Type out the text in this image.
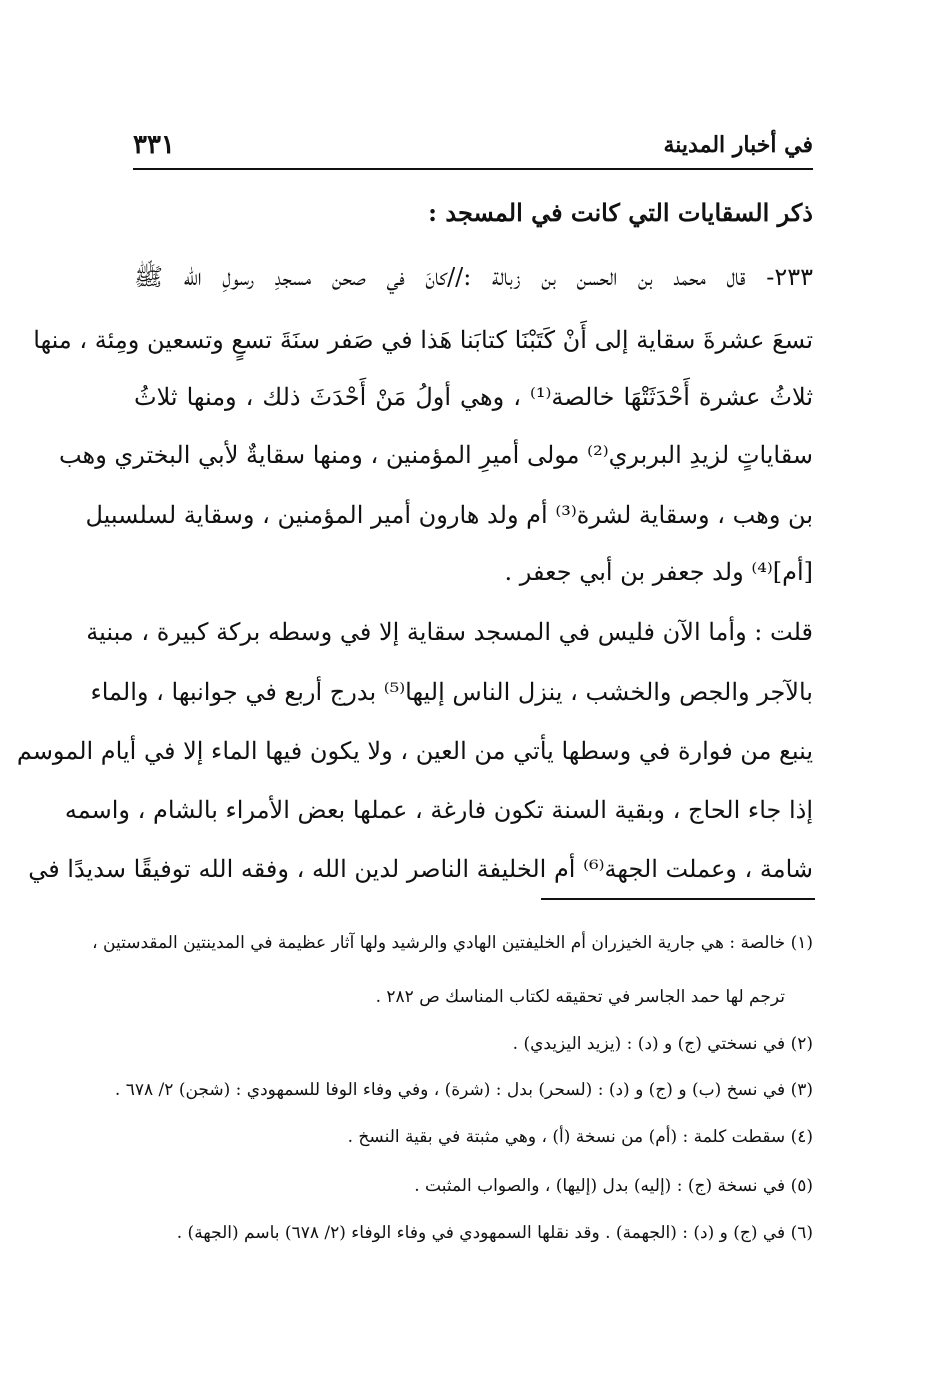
في أخبار المدينة
٣٣١
ذكر السقايات التي كانت في المسجد :
٢٣٣- قال محمد بن الحسن بن زبالة ://كانَ في صحن مسجدِ رسولِ الله ﷺ
تسعَ عشرةَ سقاية إلى أَنْ كَتَبْنَا كتابَنا هَذا في صَفر سنَةَ تسعٍ وتسعين ومِئة ، منها
ثلاثُ عشرة أَحْدَثَتْهَا خالصة⁽¹⁾ ، وهي أولُ مَنْ أَحْدَثَ ذلك ، ومنها ثلاثُ
سقاياتٍ لزيدِ البربري⁽²⁾ مولى أميرِ المؤمنين ، ومنها سقايةٌ لأبي البختري وهب
بن وهب ، وسقاية لشرة⁽³⁾ أم ولد هارون أمير المؤمنين ، وسقاية لسلسبيل
[أم]⁽⁴⁾ ولد جعفر بن أبي جعفر .
قلت : وأما الآن فليس في المسجد سقاية إلا في وسطه بركة كبيرة ، مبنية
بالآجر والجص والخشب ، ينزل الناس إليها⁽⁵⁾ بدرج أربع في جوانبها ، والماء
ينبع من فوارة في وسطها يأتي من العين ، ولا يكون فيها الماء إلا في أيام الموسم
إذا جاء الحاج ، وبقية السنة تكون فارغة ، عملها بعض الأمراء بالشام ، واسمه
شامة ، وعملت الجهة⁽⁶⁾ أم الخليفة الناصر لدين الله ، وفقه الله توفيقًا سديدًا في
(١) خالصة : هي جارية الخيزران أم الخليفتين الهادي والرشيد ولها آثار عظيمة في المدينتين المقدستين ،
ترجم لها حمد الجاسر في تحقيقه لكتاب المناسك ص ٢٨٢ .
(٢) في نسختي (ج) و (د) : (يزيد اليزيدي) .
(٣) في نسخ (ب) و (ج) و (د) : (لسحر) بدل : (شرة) ، وفي وفاء الوفا للسمهودي : (شجن) ٢/ ٦٧٨ .
(٤) سقطت كلمة : (أم) من نسخة (أ) ، وهي مثبتة في بقية النسخ .
(٥) في نسخة (ج) : (إليه) بدل (إليها) ، والصواب المثبت .
(٦) في (ج) و (د) : (الجهمة) . وقد نقلها السمهودي في وفاء الوفاء (٢/ ٦٧٨) باسم (الجهة) .
